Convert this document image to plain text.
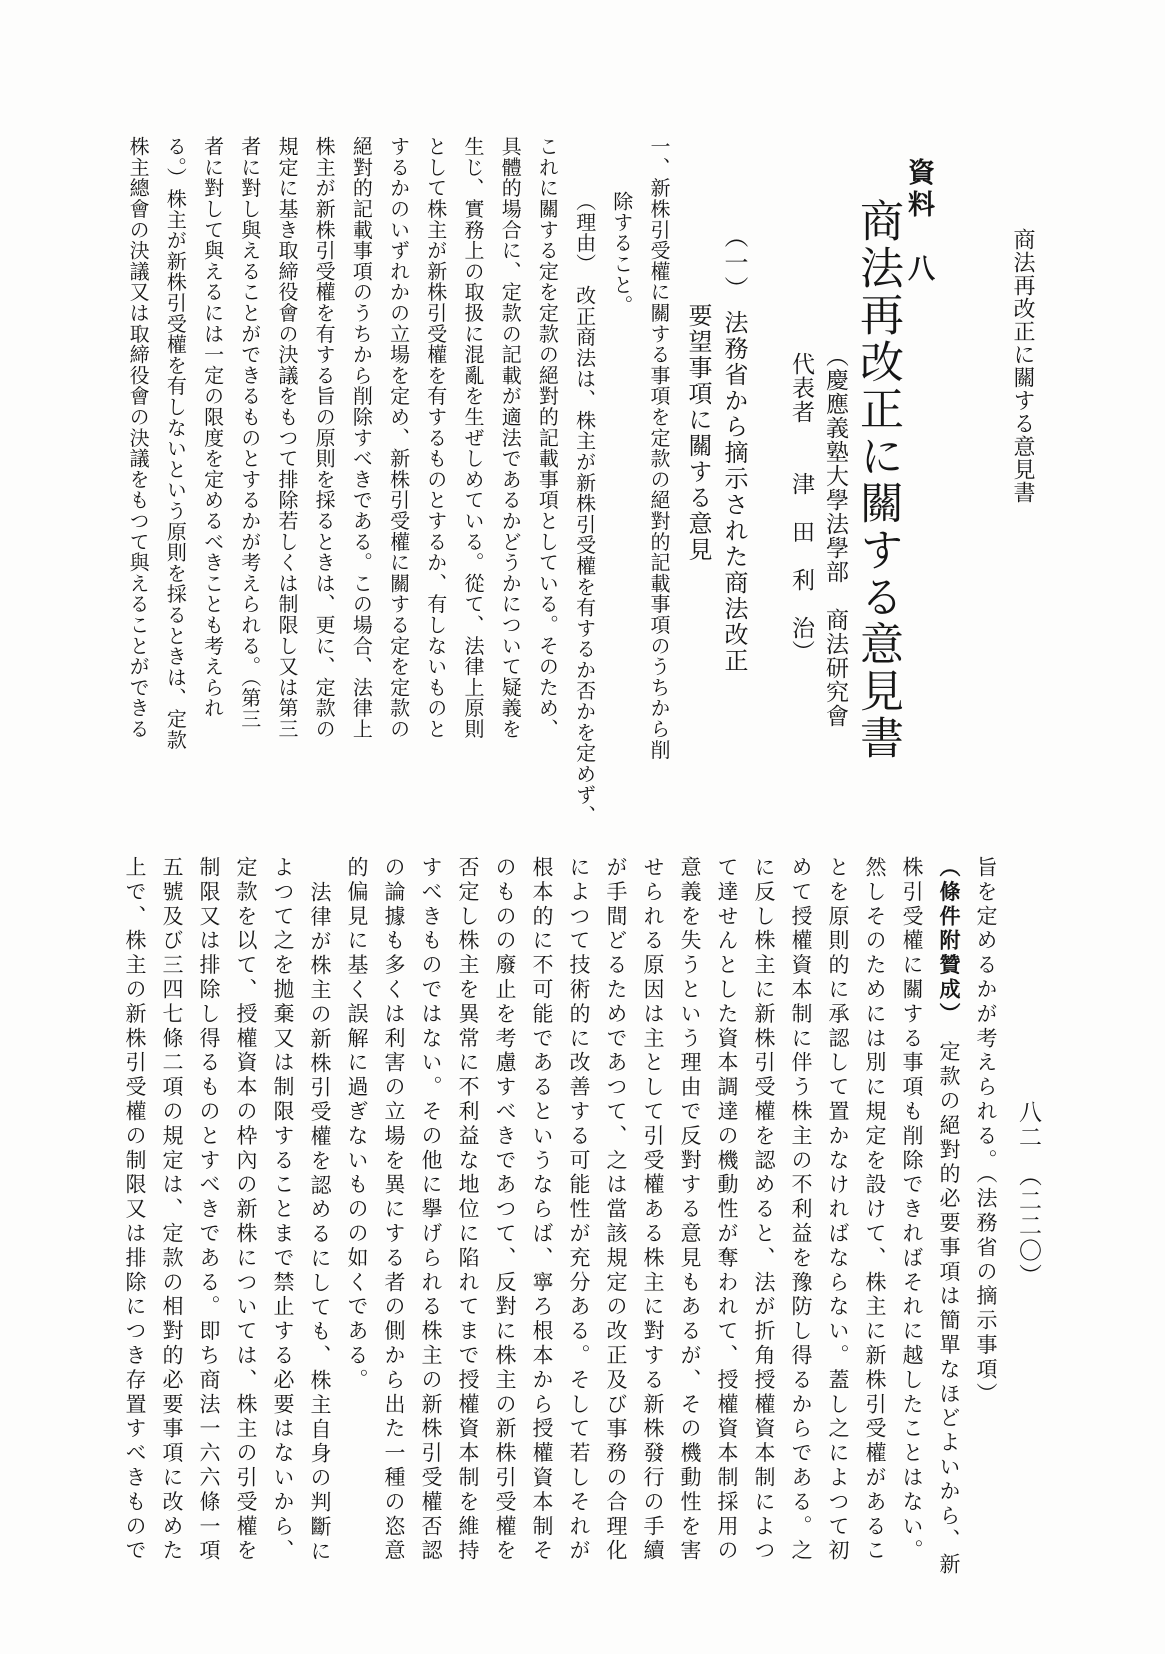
商法再改正に關する意見書
八二　（二二〇）
資料　八
商法再改正に關する意見書
（慶應義塾大學法學部　商法研究會
代表者　　津　田　利　治）
（一） 法務省から摘示された商法改正
要望事項に關する意見
一、新株引受權に關する事項を定款の絕對的記載事項のうちから削
除すること。
（理由）　改正商法は、株主が新株引受權を有するか否かを定めず、
これに關する定を定款の絕對的記載事項としている。そのため、
具體的場合に、定款の記載が適法であるかどうかについて疑義を
生じ、實務上の取扱に混亂を生ぜしめている。從て、法律上原則
として株主が新株引受權を有するものとするか、有しないものと
するかのいずれかの立場を定め、新株引受權に關する定を定款の
絕對的記載事項のうちから削除すべきである。この場合、法律上
株主が新株引受權を有する旨の原則を採るときは、更に、定款の
規定に基き取締役會の決議をもつて排除若しくは制限し又は第三
者に對し與えることができるものとするかが考えられる。（第三
者に對して與えるには一定の限度を定めるべきことも考えられ
る。）株主が新株引受權を有しないという原則を採るときは、定款
株主總會の決議又は取締役會の決議をもつて與えることができる
旨を定めるかが考えられる。（法務省の摘示事項）
（條件附贊成）　定款の絕對的必要事項は簡單なほどよいから、新
株引受權に關する事項も削除できればそれに越したことはない。
然しそのためには別に規定を設けて、株主に新株引受權があるこ
とを原則的に承認して置かなければならない。蓋し之によつて初
めて授權資本制に伴う株主の不利益を豫防し得るからである。之
に反し株主に新株引受權を認めると、法が折角授權資本制によつ
て達せんとした資本調達の機動性が奪われて、授權資本制採用の
意義を失うという理由で反對する意見もあるが、その機動性を害
せられる原因は主として引受權ある株主に對する新株發行の手續
が手間どるためであつて、之は當該規定の改正及び事務の合理化
によつて技術的に改善する可能性が充分ある。そして若しそれが
根本的に不可能であるというならば、寧ろ根本から授權資本制そ
のものの廢止を考慮すべきであつて、反對に株主の新株引受權を
否定し株主を異常に不利益な地位に陷れてまで授權資本制を維持
すべきものではない。その他に擧げられる株主の新株引受權否認
の論據も多くは利害の立場を異にする者の側から出た一種の恣意
的偏見に基く誤解に過ぎないものの如くである。
法律が株主の新株引受權を認めるにしても、株主自身の判斷に
よつて之を拋棄又は制限することまで禁止する必要はないから、
定款を以て、授權資本の枠內の新株については、株主の引受權を
制限又は排除し得るものとすべきである。即ち商法一六六條一項
五號及び三四七條二項の規定は、定款の相對的必要事項に改めた
上で、株主の新株引受權の制限又は排除につき存置すべきもので
